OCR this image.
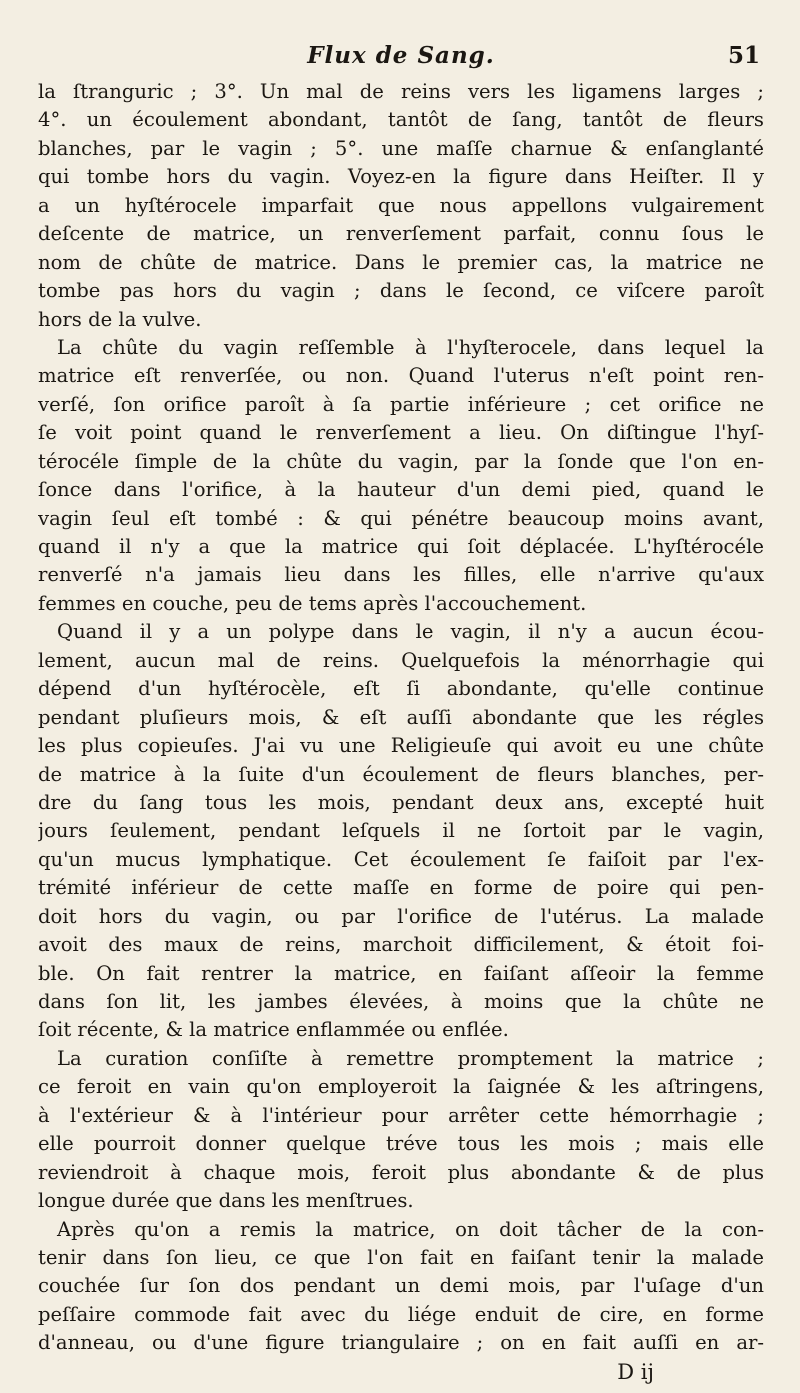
Flux de Sang.	51
la ſtranguric ; 3°. Un mal de reins vers les ligamens larges ;
4°. un écoulement abondant, tantôt de ſang, tantôt de fleurs
blanches, par le vagin ; 5°. une maſſe charnue & enſanglanté
qui tombe hors du vagin. Voyez-en la figure dans Heiſter. Il y
a un hyſtérocele imparfait que nous appellons vulgairement
deſcente de matrice, un renverſement parfait, connu ſous le
nom de chûte de matrice. Dans le premier cas, la matrice ne
tombe pas hors du vagin ; dans le ſecond, ce viſcere paroît
hors de la vulve.
La chûte du vagin reſſemble à l'hyſterocele, dans lequel la
matrice eſt renverſée, ou non. Quand l'uterus n'eſt point ren-
verſé, ſon orifice paroît à ſa partie inférieure ; cet orifice ne
ſe voit point quand le renverſement a lieu. On diſtingue l'hyſ-
térocéle ſimple de la chûte du vagin, par la ſonde que l'on en-
ſonce dans l'orifice, à la hauteur d'un demi pied, quand le
vagin ſeul eſt tombé : & qui pénétre beaucoup moins avant,
quand il n'y a que la matrice qui ſoit déplacée. L'hyſtérocéle
renverſé n'a jamais lieu dans les filles, elle n'arrive qu'aux
femmes en couche, peu de tems après l'accouchement.
Quand il y a un polype dans le vagin, il n'y a aucun écou-
lement, aucun mal de reins. Quelquefois la ménorrhagie qui
dépend d'un hyſtérocèle, eſt ſi abondante, qu'elle continue
pendant pluſieurs mois, & eſt auſſi abondante que les régles
les plus copieuſes. J'ai vu une Religieuſe qui avoit eu une chûte
de matrice à la ſuite d'un écoulement de fleurs blanches, per-
dre du ſang tous les mois, pendant deux ans, excepté huit
jours ſeulement, pendant leſquels il ne ſortoit par le vagin,
qu'un mucus lymphatique. Cet écoulement ſe faiſoit par l'ex-
trémité inférieur de cette maſſe en forme de poire qui pen-
doit hors du vagin, ou par l'orifice de l'utérus. La malade
avoit des maux de reins, marchoit difficilement, & étoit foi-
ble. On fait rentrer la matrice, en faiſant aſſeoir la femme
dans ſon lit, les jambes élevées, à moins que la chûte ne
ſoit récente, & la matrice enflammée ou enflée.
La curation conſiſte à remettre promptement la matrice ;
ce feroit en vain qu'on employeroit la ſaignée & les aſtringens,
à l'extérieur & à l'intérieur pour arrêter cette hémorrhagie ;
elle pourroit donner quelque tréve tous les mois ; mais elle
reviendroit à chaque mois, feroit plus abondante & de plus
longue durée que dans les menſtrues.
Après qu'on a remis la matrice, on doit tâcher de la con-
tenir dans ſon lieu, ce que l'on fait en faiſant tenir la malade
couchée ſur ſon dos pendant un demi mois, par l'uſage d'un
peſſaire commode fait avec du liége enduit de cire, en forme
d'anneau, ou d'une figure triangulaire ; on en fait auſſi en ar-
D ij
